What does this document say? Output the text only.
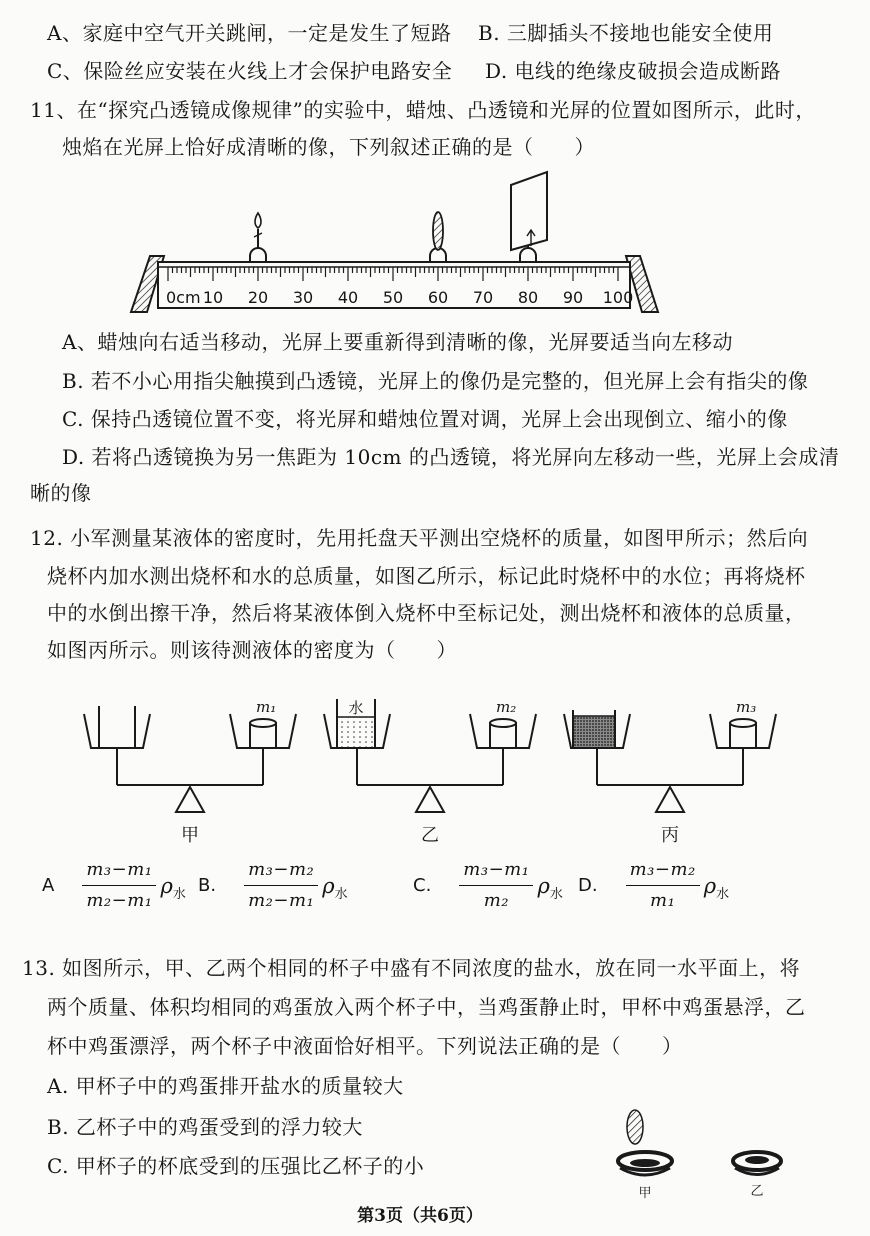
0cm 10 20 30 40 50 60 70 80 90 100
m₁
甲
水	m₂
乙
m₃
丙
甲	乙
A、家庭中空气开关跳闸，一定是发生了短路 B. 三脚插头不接地也能安全使用
C、保险丝应安装在火线上才会保护电路安全 D. 电线的绝缘皮破损会造成断路
11、在“探究凸透镜成像规律”的实验中，蜡烛、凸透镜和光屏的位置如图所示，此时，
烛焰在光屏上恰好成清晰的像，下列叙述正确的是（　　）
A、蜡烛向右适当移动，光屏上要重新得到清晰的像，光屏要适当向左移动
B. 若不小心用指尖触摸到凸透镜，光屏上的像仍是完整的，但光屏上会有指尖的像
C. 保持凸透镜位置不变，将光屏和蜡烛位置对调，光屏上会出现倒立、缩小的像
D. 若将凸透镜换为另一焦距为 10cm 的凸透镜，将光屏向左移动一些，光屏上会成清
晰的像
12. 小军测量某液体的密度时，先用托盘天平测出空烧杯的质量，如图甲所示；然后向
烧杯内加水测出烧杯和水的总质量，如图乙所示，标记此时烧杯中的水位；再将烧杯
中的水倒出擦干净，然后将某液体倒入烧杯中至标记处，测出烧杯和液体的总质量，
如图丙所示。则该待测液体的密度为（　　）
A $\frac{\text{m₃−m₁}}{\text{m₂−m₁}}$ ρ 水 B. $\frac{\text{m₃−m₂}}{\text{m₂−m₁}}$ ρ 水	C. $\frac{\text{m₃−m₁}}{\text{m₂}}$ ρ 水 D. $\frac{\text{m₃−m₂}}{\text{m₁}}$ ρ 水
13. 如图所示，甲、乙两个相同的杯子中盛有不同浓度的盐水，放在同一水平面上，将
两个质量、体积均相同的鸡蛋放入两个杯子中，当鸡蛋静止时，甲杯中鸡蛋悬浮，乙
杯中鸡蛋漂浮，两个杯子中液面恰好相平。下列说法正确的是（　　）
A. 甲杯子中的鸡蛋排开盐水的质量较大
B. 乙杯子中的鸡蛋受到的浮力较大
C. 甲杯子的杯底受到的压强比乙杯子的小
第3页（共6页）
